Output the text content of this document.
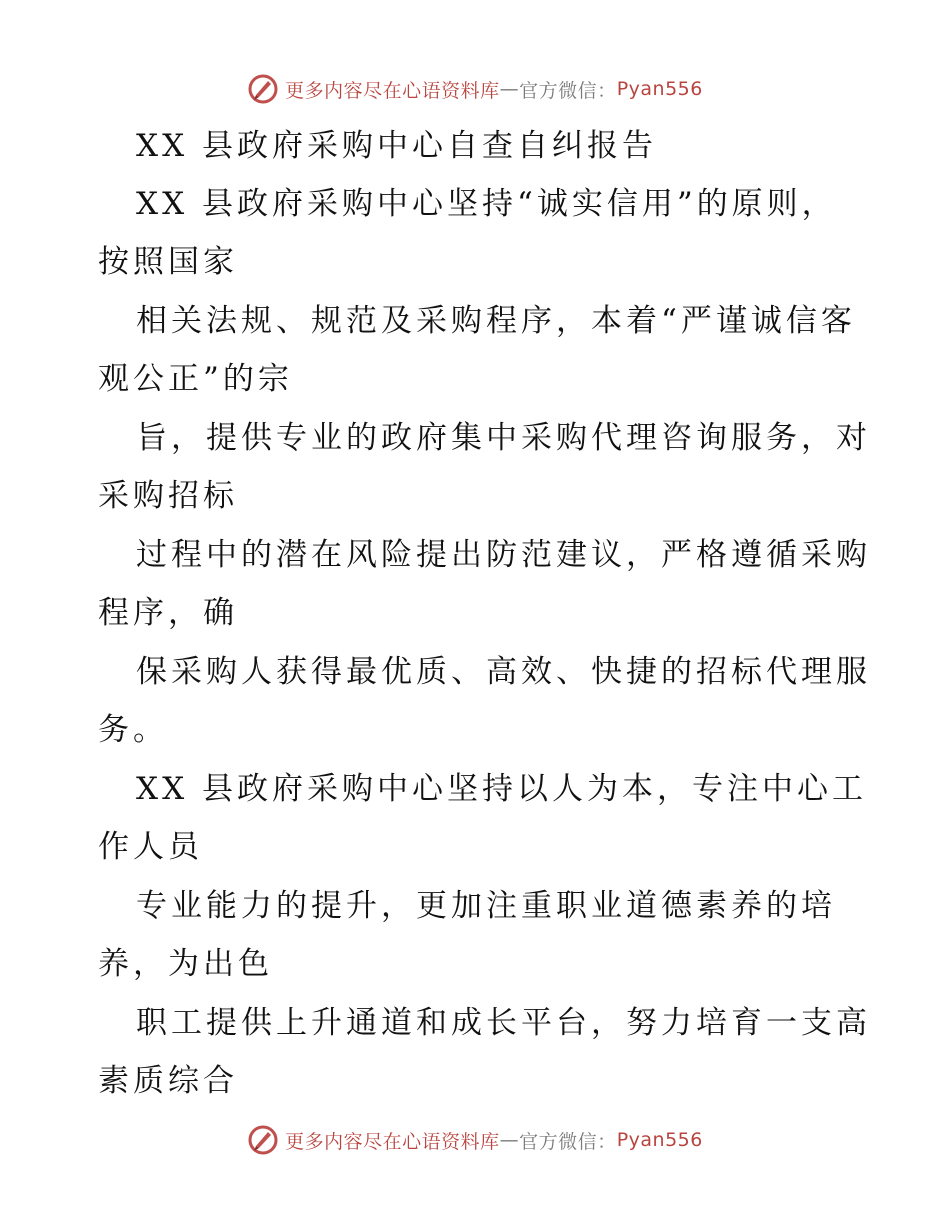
更多内容尽在心语资料库 — 官方微信： Pyan556
XX 县政府采购中心自查自纠报告
XX 县政府采购中心坚持“诚实信用”的原则，
按照国家
相关法规、规范及采购程序，本着“严谨诚信客
观公正”的宗
旨，提供专业的政府集中采购代理咨询服务，对
采购招标
过程中的潜在风险提出防范建议，严格遵循采购
程序，确
保采购人获得最优质、高效、快捷的招标代理服
务。
XX 县政府采购中心坚持以人为本，专注中心工
作人员
专业能力的提升，更加注重职业道德素养的培
养，为出色
职工提供上升通道和成长平台，努力培育一支高
素质综合
更多内容尽在心语资料库 — 官方微信： Pyan556
